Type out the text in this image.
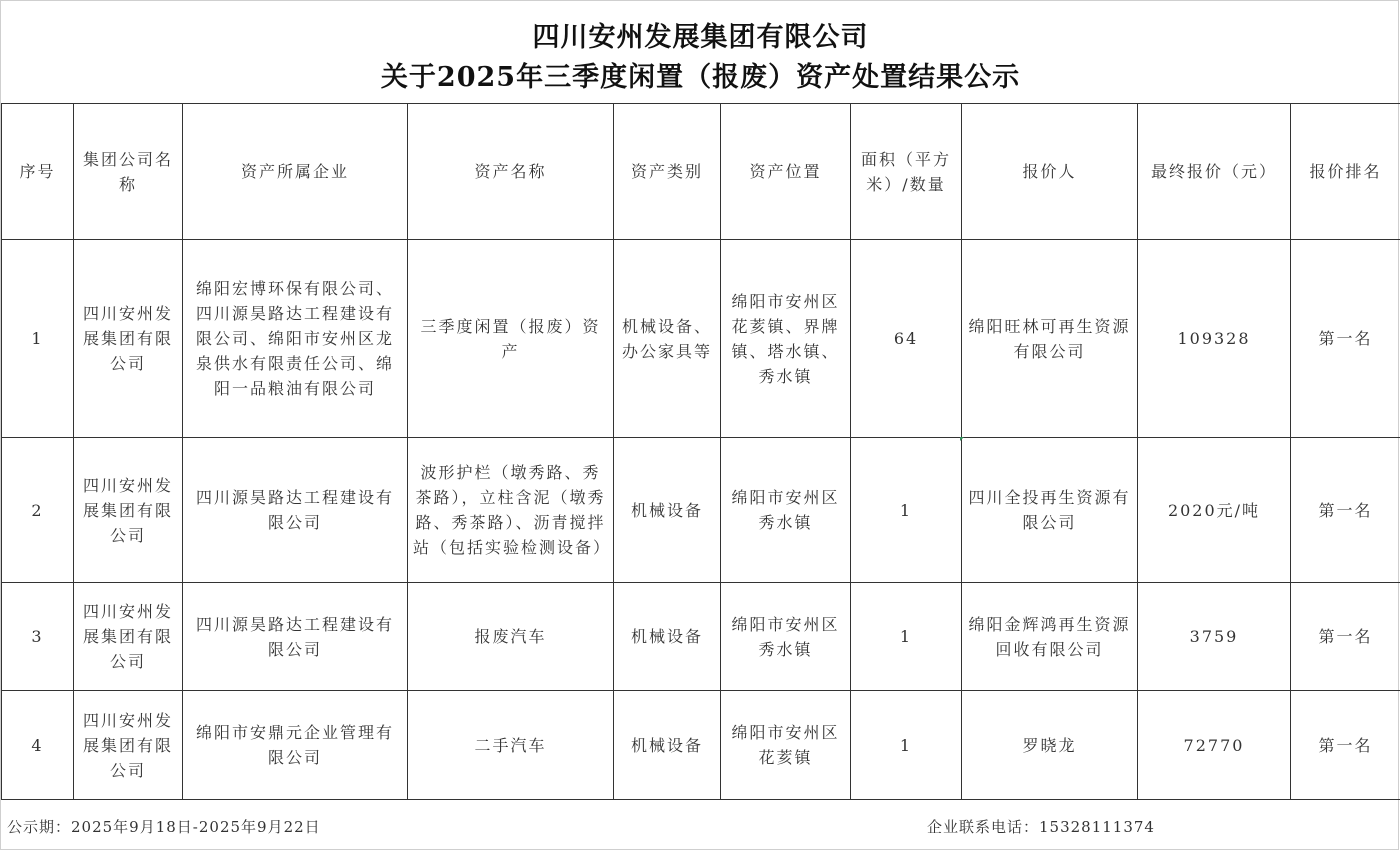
四川安州发展集团有限公司
关于2025年三季度闲置（报废）资产处置结果公示
序号	集团公司名称	资产所属企业	资产名称	资产类别	资产位置	面积（平方米）/数量	报价人	最终报价（元）	报价排名
1	四川安州发展集团有限公司	绵阳宏博环保有限公司、四川源昊路达工程建设有限公司、绵阳市安州区龙泉供水有限责任公司、绵阳一品粮油有限公司	三季度闲置（报废）资产	机械设备、办公家具等	绵阳市安州区花荄镇、界牌镇、塔水镇、秀水镇	64	绵阳旺林可再生资源有限公司	109328	第一名
2	四川安州发展集团有限公司	四川源昊路达工程建设有限公司	波形护栏（墩秀路、秀茶路），立柱含泥（墩秀路、秀茶路）、沥青搅拌站（包括实验检测设备）	机械设备	绵阳市安州区秀水镇	1	四川全投再生资源有限公司	2020元/吨	第一名
3	四川安州发展集团有限公司	四川源昊路达工程建设有限公司	报废汽车	机械设备	绵阳市安州区秀水镇	1	绵阳金辉鸿再生资源回收有限公司	3759	第一名
4	四川安州发展集团有限公司	绵阳市安鼎元企业管理有限公司	二手汽车	机械设备	绵阳市安州区花荄镇	1	罗晓龙	72770	第一名
公示期：2025年9月18日-2025年9月22日	企业联系电话：15328111374
